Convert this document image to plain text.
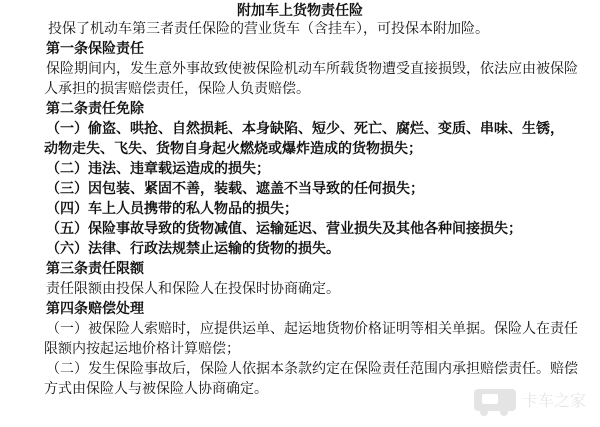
附加车上货物责任险
投保了机动车第三者责任保险的营业货车（含挂车），可投保本附加险。
第一条保险责任
保险期间内，发生意外事故致使被保险机动车所载货物遭受直接损毁，依法应由被保险
人承担的损害赔偿责任，保险人负责赔偿。
第二条责任免除
（一）偷盗、哄抢、自然损耗、本身缺陷、短少、死亡、腐烂、变质、串味、生锈，
动物走失、飞失、货物自身起火燃烧或爆炸造成的货物损失；
（二）违法、违章载运造成的损失；
（三）因包装、紧固不善，装载、遮盖不当导致的任何损失；
（四）车上人员携带的私人物品的损失；
（五）保险事故导致的货物减值、运输延迟、营业损失及其他各种间接损失；
（六）法律、行政法规禁止运输的货物的损失。
第三条责任限额
责任限额由投保人和保险人在投保时协商确定。
第四条赔偿处理
（一）被保险人索赔时，应提供运单、起运地货物价格证明等相关单据。保险人在责任
限额内按起运地价格计算赔偿；
（二）发生保险事故后，保险人依据本条款约定在保险责任范围内承担赔偿责任。赔偿
方式由保险人与被保险人协商确定。
卡车之家
